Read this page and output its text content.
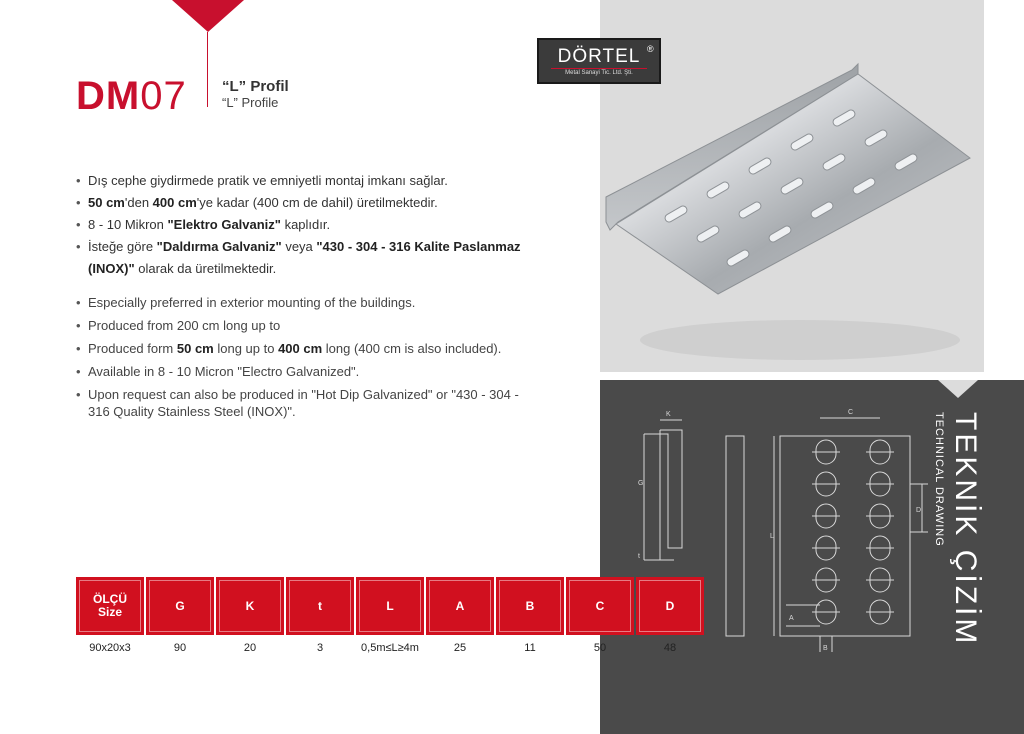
DM07 “L” Profil
“L” Profile
• Dış cephe giydirmede pratik ve emniyetli montaj imkanı sağlar.
• 50 cm'den 400 cm'ye kadar (400 cm de dahil) üretilmektedir.
• 8 - 10 Mikron "Elektro Galvaniz" kaplıdır.
• İsteğe göre "Daldırma Galvaniz" veya "430 - 304 - 316 Kalite Paslanmaz (INOX)" olarak da üretilmektedir.
• Especially preferred in exterior mounting of the buildings.
• Produced from 200 cm long up to
• Produced form 50 cm long up to 400 cm long (400 cm is also included).
• Available in 8 - 10 Micron "Electro Galvanized".
• Upon request can also be produced in "Hot Dip Galvanized" or "430 - 304 - 316 Quality Stainless Steel (INOX)".
DÖRTEL
Metal Sanayi Tic. Ltd. Şti.
®
K
G
t
C
D
A
B
L	TEKNİK ÇİZİM
TECHNICAL DRAWING
ÖLÇÜ
Size	G	K	t	L	A	B	C	D
90x20x3	90	20	3	0,5m≤L≥4m	25	11	50	48
